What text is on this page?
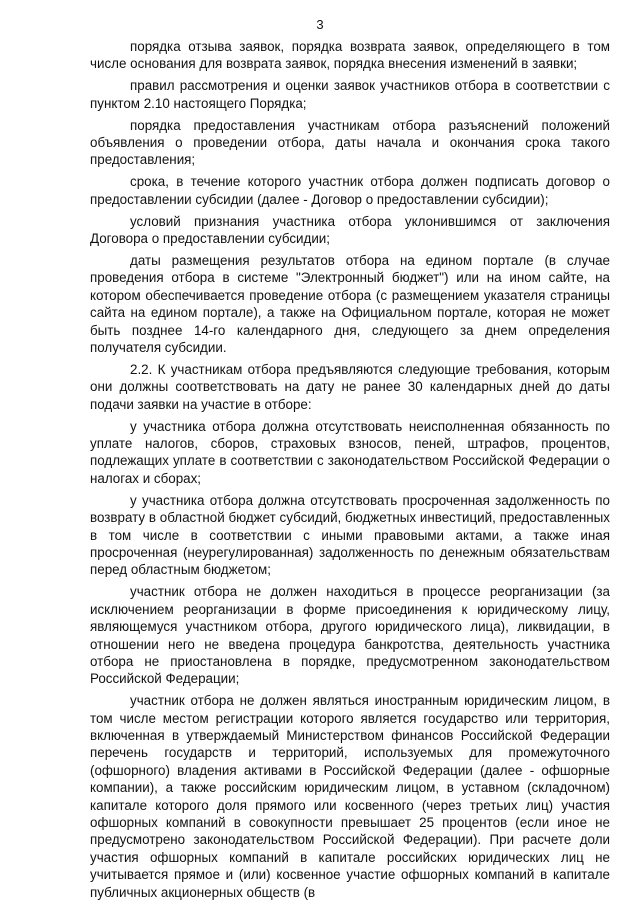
3

порядка отзыва заявок, порядка возврата заявок, определяющего в том числе основания для возврата заявок, порядка внесения изменений в заявки;

правил рассмотрения и оценки заявок участников отбора в соответствии с пунктом 2.10 настоящего Порядка;

порядка предоставления участникам отбора разъяснений положений объявления о проведении отбора, даты начала и окончания срока такого предоставления;

срока, в течение которого участник отбора должен подписать договор о предоставлении субсидии (далее - Договор о предоставлении субсидии);

условий признания участника отбора уклонившимся от заключения Договора о предоставлении субсидии;

даты размещения результатов отбора на едином портале (в случае проведения отбора в системе "Электронный бюджет") или на ином сайте, на котором обеспечивается проведение отбора (с размещением указателя страницы сайта на едином портале), а также на Официальном портале, которая не может быть позднее 14-го календарного дня, следующего за днем определения получателя субсидии.

2.2. К участникам отбора предъявляются следующие требования, которым они должны соответствовать на дату не ранее 30 календарных дней до даты подачи заявки на участие в отборе:

у участника отбора должна отсутствовать неисполненная обязанность по уплате налогов, сборов, страховых взносов, пеней, штрафов, процентов, подлежащих уплате в соответствии с законодательством Российской Федерации о налогах и сборах;

у участника отбора должна отсутствовать просроченная задолженность по возврату в областной бюджет субсидий, бюджетных инвестиций, предоставленных в том числе в соответствии с иными правовыми актами, а также иная просроченная (неурегулированная) задолженность по денежным обязательствам перед областным бюджетом;

участник отбора не должен находиться в процессе реорганизации (за исключением реорганизации в форме присоединения к юридическому лицу, являющемуся участником отбора, другого юридического лица), ликвидации, в отношении него не введена процедура банкротства, деятельность участника отбора не приостановлена в порядке, предусмотренном законодательством Российской Федерации;

участник отбора не должен являться иностранным юридическим лицом, в том числе местом регистрации которого является государство или территория, включенная в утверждаемый Министерством финансов Российской Федерации перечень государств и территорий, используемых для промежуточного (офшорного) владения активами в Российской Федерации (далее - офшорные компании), а также российским юридическим лицом, в уставном (складочном) капитале которого доля прямого или косвенного (через третьих лиц) участия офшорных компаний в совокупности превышает 25 процентов (если иное не предусмотрено законодательством Российской Федерации). При расчете доли участия офшорных компаний в капитале российских юридических лиц не учитывается прямое и (или) косвенное участие офшорных компаний в капитале публичных акционерных обществ (в
